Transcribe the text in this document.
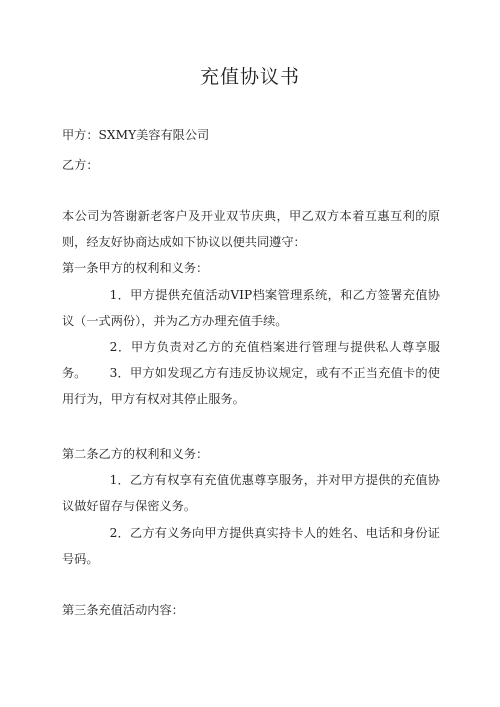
充值协议书
甲方：SXMY美容有限公司
乙方：
本公司为答谢新老客户及开业双节庆典，甲乙双方本着互惠互利的原则，经友好协商达成如下协议以便共同遵守：
第一条甲方的权利和义务：
1．甲方提供充值活动VIP档案管理系统，和乙方签署充值协议（一式两份），并为乙方办理充值手续。
2．甲方负责对乙方的充值档案进行管理与提供私人尊享服务。	3．甲方如发现乙方有违反协议规定，或有不正当充值卡的使用行为，甲方有权对其停止服务。
第二条乙方的权利和义务：
1．乙方有权享有充值优惠尊享服务，并对甲方提供的充值协议做好留存与保密义务。
2．乙方有义务向甲方提供真实持卡人的姓名、电话和身份证号码。
第三条充值活动内容：
